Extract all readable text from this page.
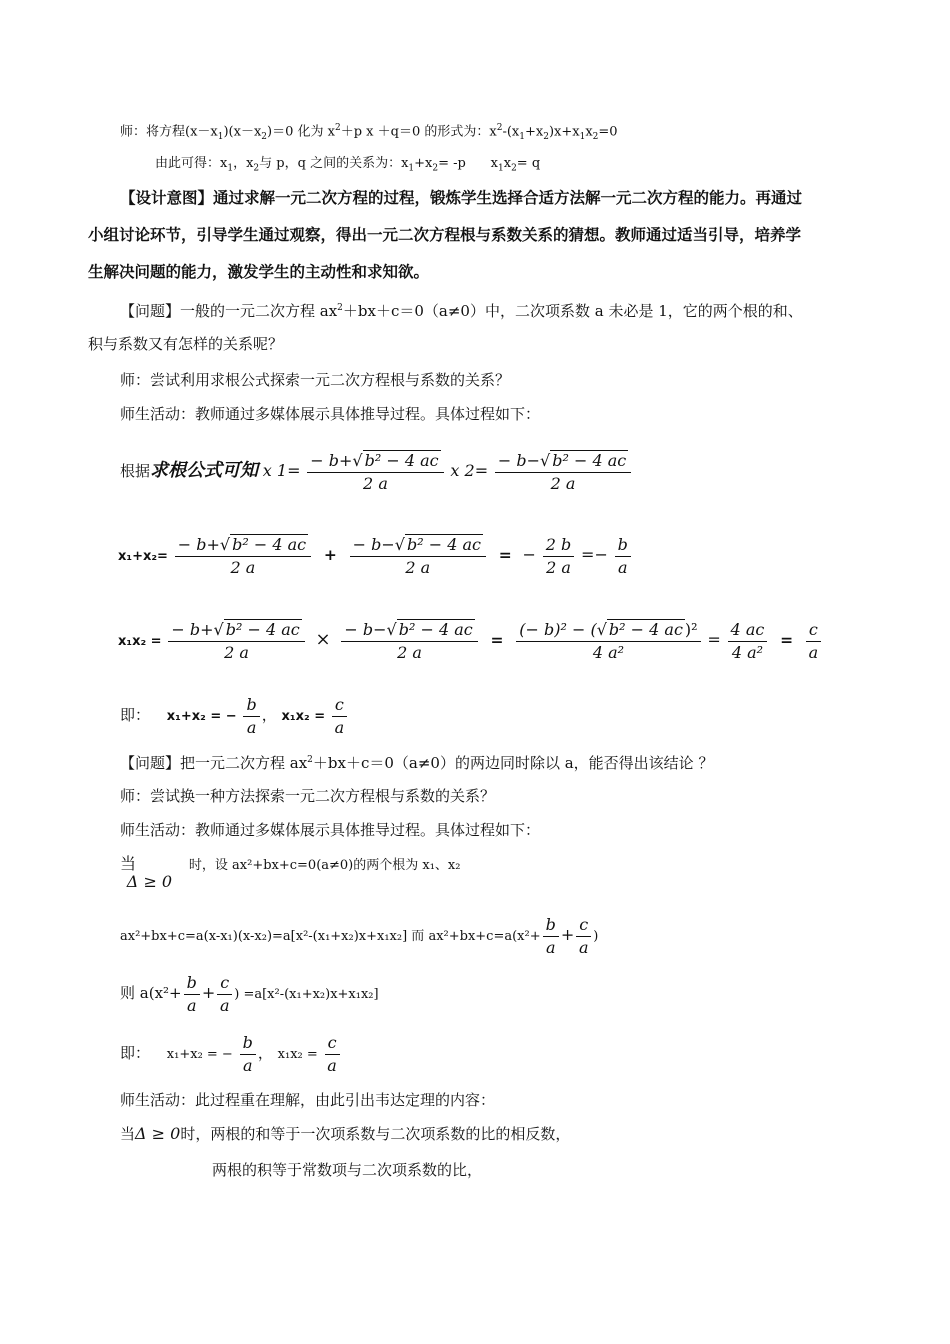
师：将方程$(x-x_1)(x-x_2)=0$ 化为 $x^2+p$ x ＋q＝0 的形式为：$x^2-(x_1+x_2)x+x_1x_2=0$
由此可得：$x_1$，$x_2$与 p，q 之间的关系为：$x_1+x_2= -p$      $x_1x_2= q$
【设计意图】通过求解一元二次方程的过程，锻炼学生选择合适方法解一元二次方程的能力。再通过
小组讨论环节，引导学生通过观察，得出一元二次方程根与系数关系的猜想。教师通过适当引导，培养学
生解决问题的能力，激发学生的主动性和求知欲。
【问题】一般的一元二次方程 $ax^2+bx+c=0(a\ne 0)$中，二次项系数 a 未必是 1，它的两个根的和、
积与系数又有怎样的关系呢？
师：尝试利用求根公式探索一元二次方程根与系数的关系？
师生活动：教师通过多媒体展示具体推导过程。具体过程如下：
根据求根公式可知 x $1= \frac{\text{− b+√ b² − 4 ac}}{2 a}$ x $2= \frac{\text{− b−√ b² − 4 ac}}{2 a}$
$x_1+x_2= \frac{\text{− b+√ b² − 4 ac}}{2 a} + \frac{\text{− b−√ b² − 4 ac}}{2 a}$ = − $\frac{2 b}{2 a} =- \frac{b}{a}$
$x_1x_2 = \frac{\text{− b+√ b² − 4 ac}}{2 a} \times \frac{\text{− b−√ b² − 4 ac}}{2 a} = \frac{\text{(− b)² − (√ b² − 4 ac )²}}{\text{4 a²}} = \frac{4 ac}{\text{4 a²}} = \frac{c}{a}$
即： x₁+x₂ = − $\frac{b}{a}$ ， $x_1x_2 = \frac{c}{a}$
【问题】把一元二次方程 $ax^2+bx+c=0(a\ne 0)$的两边同时除以 a，能否得出该结论 ？
师：尝试换一种方法探索一元二次方程根与系数的关系？
师生活动：教师通过多媒体展示具体推导过程。具体过程如下：
当 Δ ≥ 0 时，设 ax²+bx+c=0(a≠0)的两个根为 x₁、x₂
ax²+bx+c=a(x-x₁)(x-x₂)=a[x²-(x₁+x₂)x+x₁x₂] 而 $ax^2+bx+c=a(x^2+ \frac{b}{a} + \frac{c}{a}$ )
则 $a(x^2+ \frac{b}{a} + \frac{c}{a}$ ) =a[x²-(x₁+x₂)x+x₁x₂]
即： x₁+x₂ = − $\frac{b}{a}$ ， $x_1x_2 = \frac{c}{a}$
师生活动：此过程重在理解，由此引出韦达定理的内容：
当Δ ≥ 0时，两根的和等于一次项系数与二次项系数的比的相反数，
两根的积等于常数项与二次项系数的比，
